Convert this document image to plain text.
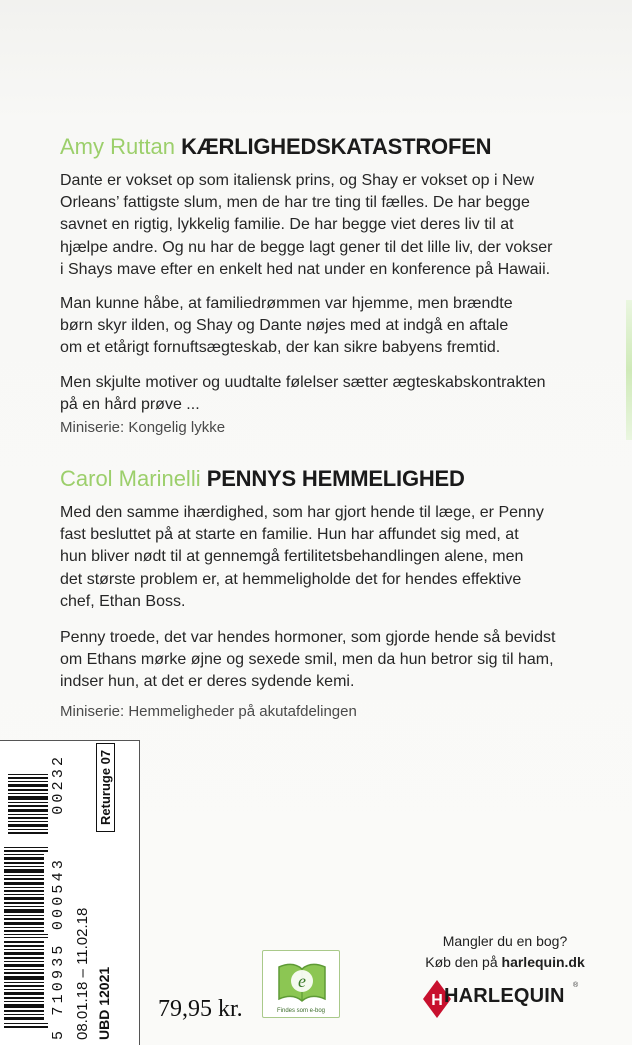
Amy Ruttan KÆRLIGHEDSKATASTROFEN

Dante er vokset op som italiensk prins, og Shay er vokset op i New
Orleans’ fattigste slum, men de har tre ting til fælles. De har begge
savnet en rigtig, lykkelig familie. De har begge viet deres liv til at
hjælpe andre. Og nu har de begge lagt gener til det lille liv, der vokser
i Shays mave efter en enkelt hed nat under en konference på Hawaii.

Man kunne håbe, at familiedrømmen var hjemme, men brændte
børn skyr ilden, og Shay og Dante nøjes med at indgå en aftale
om et etårigt fornuftsægteskab, der kan sikre babyens fremtid.

Men skjulte motiver og uudtalte følelser sætter ægteskabskontrakten
på en hård prøve ...

Miniserie: Kongelig lykke

Carol Marinelli PENNYS HEMMELIGHED

Med den samme ihærdighed, som har gjort hende til læge, er Penny
fast besluttet på at starte en familie. Hun har affundet sig med, at
hun bliver nødt til at gennemgå fertilitetsbehandlingen alene, men
det største problem er, at hemmeligholde det for hendes effektive
chef, Ethan Boss.

Penny troede, det var hendes hormoner, som gjorde hende så bevidst
om Ethans mørke øjne og sexede smil, men da hun betror sig til ham,
indser hun, at det er deres sydende kemi.

Miniserie: Hemmeligheder på akutafdelingen

5 710935 000543 00232
08.01.18 – 11.02.18 UBD 12021
Returuge 07
79,95 kr.
e
Findes som e-bog
Mangler du en bog?
Køb den på harlequin.dk
H HARLEQUIN ®
